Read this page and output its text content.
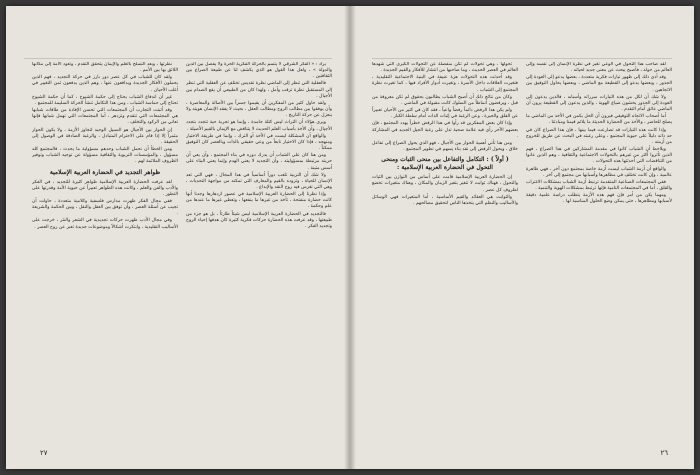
يراد : « الفكر الشرقي لا يتسم بالحركة الفكرية الحرة ولا يفصل بين الدين والدولة » ، ولعل هذا القول هو الذي يكشف لنا عن طبيعة الصراع بين الثقافتين .

فالعقلية التي تنظر إلى الماضي نظرة تقديس تختلف عن العقلية التي تنظر إلى المستقبل نظرة ترقب وأمل ، ولهذا كان من الطبيعي أن يقع الصدام بين الأجيال .

ولقد حاول كثير من المفكرين أن يقيموا جسراً بين الأصالة والمعاصرة ، وأن يوفقوا بين مطالب الروح ومطالب العقل ، بحيث لا يفقد الإنسان هويته ولا ينعزل عن حركة التاريخ .

ويرى هؤلاء أن التراث ليس كتلة جامدة ، وإنما هو تجربة حية تتجدد بتجدد الأجيال ، وأن الأخذ بأسباب العلم الحديث لا يتناقض مع الإيمان بالقيم الأصيلة .

والواقع أن المشكلة ليست في الأخذ أو الترك ، وإنما في طريقة الاختيار ومنهجه ، فإذا كان الاختيار نابعاً من وعي حقيقي بالذات وبالعصر كان التوفيق ممكناً .

ومن هنا كان على الشباب أن يدرك دوره في بناء المجتمع ، وأن يعي أن حريته مرتبطة بمسؤوليته ، وأن التجديد لا يعني الهدم وإنما يعني البناء على أسس متينة .

ولا شك أن التربية تلعب دوراً أساسياً في هذا المجال ، فهي التي تعد الإنسان للحياة ، وتزوده بالقيم والمعارف التي تمكنه من مواجهة التحديات ، وهي التي تغرس فيه روح النقد والإبداع .

وإذا نظرنا إلى الحضارة العربية الإسلامية في عصور ازدهارها وجدنا أنها كانت حضارة منفتحة ، تأخذ من غيرها ما ينفعها ، وتعطي غيرها ما عندها من علم وحكمة .

فالتجديد في الحضارة العربية الإسلامية ليس شيئاً طارئاً ، بل هو جزء من طبيعتها ، وقد عرفت هذه الحضارة حركات فكرية كثيرة كان هدفها إحياء الروح وتجديد الفكر .

نظرتها ، وبعد التسلح بالعلم والإيمان يتحقق التقدم ، وتعود الأمة إلى مكانها اللائق بها بين الأمم .

ولقد كان للشباب في كل عصر دور بارز في حركة التجديد ، فهم الذين يحملون الأفكار الجديدة ويدافعون عنها ، وهم الذين يدفعون ثمن التغيير في أغلب الأحيان .

غير أن اندفاع الشباب يحتاج إلى حكمة الشيوخ ، كما أن حكمة الشيوخ تحتاج إلى حماسة الشباب ، ومن هذا التكامل تنشأ الحركة السليمة للمجتمع .

وقد أثبتت التجارب أن المجتمعات التي تحسن الإفادة من طاقات شبابها هي المجتمعات التي تتقدم وتزدهر ، أما المجتمعات التي تهمل شبابها فإنها تعاني من الركود والتخلف .

إن الحوار بين الأجيال هو السبيل الوحيد لتجاوز الأزمة ، ولا يكون الحوار مثمراً إلا إذا قام على الاحترام المتبادل ، والرغبة الصادقة في الوصول إلى الحقيقة .

ومن الخطأ أن نحمل الشباب وحدهم مسؤولية ما يحدث ، فالمجتمع كله مسؤول ، والمؤسسات التربوية والثقافية مسؤولة عن توجيه الشباب وتوفير الظروف الملائمة لهم .

ظواهر التجديد في الحضارة العربية الإسلامية

لقد عرفت الحضارة العربية الإسلامية ظواهر كثيرة للتجديد ، في الفكر والأدب والفن والعلم ، وكانت هذه الظواهر تعبيراً عن حيوية الأمة وقدرتها على التطور .

ففي مجال الفكر ظهرت مدارس فلسفية وكلامية متعددة ، حاولت أن تجيب عن أسئلة العصر ، وأن توفق بين العقل والنقل ، وبين الحكمة والشريعة .

وفي مجال الأدب ظهرت حركات تجديدية في الشعر والنثر ، خرجت على الأساليب التقليدية ، وابتكرت أشكالاً وموضوعات جديدة تعبر عن روح العصر .

٢٧

لقد صاحب هذا التحول في الوعي تغير في نظرة الإنسان إلى نفسه وإلى العالم من حوله ، فأصبح يبحث عن معنى جديد لحياته .

وقد أدى ذلك إلى ظهور تيارات فكرية متعددة ، بعضها يدعو إلى العودة إلى الجذور ، وبعضها يدعو إلى القطيعة مع الماضي ، وبعضها يحاول التوفيق بين الاتجاهين .

ولا شك أن لكل من هذه التيارات مبرراته وأسبابه ، فالذين يدعون إلى العودة إلى الجذور يخشون ضياع الهوية ، والذين يدعون إلى القطيعة يرون أن الماضي عائق أمام التقدم .

أما أصحاب الاتجاه التوفيقي فيرون أن الحل يكمن في الأخذ من الماضي ما يصلح للحاضر ، والأخذ من الحضارة الحديثة ما يلائم قيمنا ومبادئنا .

وإذا كانت هذه التيارات قد تصارعت فيما بينها ، فإن هذا الصراع كان في حد ذاته دليلاً على حيوية المجتمع ، وعلى رغبته في البحث عن طريق للخروج من أزمته .

ويلاحظ أن الشباب كانوا في مقدمة المشاركين في هذا الصراع ، فهم الذين تأثروا أكثر من غيرهم بالتحولات الاجتماعية والثقافية ، وهم الذين عانوا من التناقضات التي أحدثتها هذه التحولات .

والواقع أن أزمة الشباب ليست أزمة خاصة بمجتمع دون آخر ، فهي ظاهرة عالمية ، وإن كانت تختلف في مظاهرها وأسبابها من مجتمع إلى آخر .

ففي المجتمعات الصناعية المتقدمة ترتبط أزمة الشباب بمشكلات الاغتراب والقلق ، أما في المجتمعات النامية فإنها ترتبط بمشكلات الهوية والتنمية .

ومهما يكن من أمر فإن فهم هذه الأزمة يتطلب دراسة علمية دقيقة لأسبابها ومظاهرها ، حتى يمكن وضع الحلول المناسبة لها .

تحولها ، وهي تحولات لم تكن منفصلة عن التحولات الكبرى التي شهدها العالم في العصر الحديث ، وما صاحبها من انتشار للأفكار والقيم الجديدة .

وقد أحدثت هذه التحولات هزة عنيفة في البنية الاجتماعية التقليدية ، فتغيرت العلاقات داخل الأسرة ، وتغيرت أدوار الأفراد فيها ، كما تغيرت نظرة المجتمع إلى الشباب .

وكان من نتائج ذلك أن أصبح الشباب يطالبون بحقوق لم تكن معروفة من قبل ، ويرفضون أنماطاً من السلوك كانت مقبولة في الماضي .

ولم يكن هذا الرفض دائماً رفضاً واعياً ، فقد كان في كثير من الأحيان تعبيراً عن القلق والحيرة ، وعن الرغبة في إثبات الذات أمام سلطة الكبار .

وإذا كان بعض المفكرين قد رأوا في هذا الرفض خطراً يهدد المجتمع ، فإن بعضهم الآخر رأى فيه علامة صحية تدل على رغبة الجيل الجديد في المشاركة .

ومن هنا تأتي أهمية الحوار بين الأجيال ، فهو الذي يحول الصراع إلى تفاعل خلاق ، ويحول الرفض إلى نقد بناء يسهم في تطوير المجتمع .

( أولاً ) : التكامل والتفاعل بين منحى الثبات ومنحى التحول في الحضارة العربية الإسلامية :

إن الحضارة العربية الإسلامية قامت على أساس من التوازن بين الثبات والتحول ، فهناك ثوابت لا تتغير بتغير الزمان والمكان ، وهناك متغيرات تخضع لظروف كل عصر .

والثوابت هي العقائد والقيم الأساسية ، أما المتغيرات فهي الوسائل والأساليب والنظم التي يتخذها الناس لتحقيق مصالحهم .

٢٦
